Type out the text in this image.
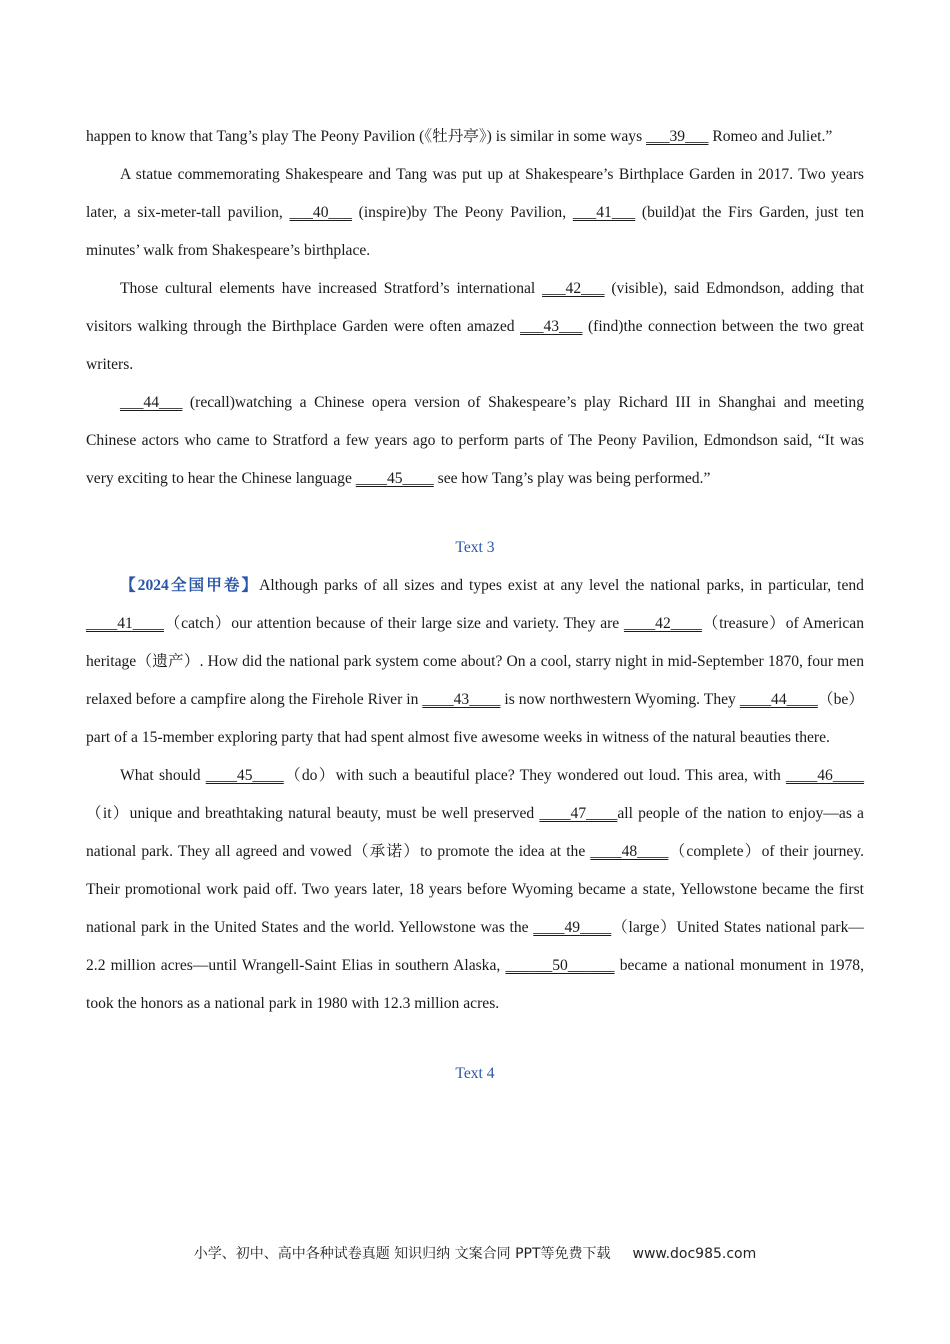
happen to know that Tang’s play The Peony Pavilion (《牡丹亭》) is similar in some ways ___39___ Romeo and Juliet.”

A statue commemorating Shakespeare and Tang was put up at Shakespeare’s Birthplace Garden in 2017. Two years later, a six-meter-tall pavilion, ___40___ (inspire)by The Peony Pavilion, ___41___ (build)at the Firs Garden, just ten minutes’ walk from Shakespeare’s birthplace.

Those cultural elements have increased Stratford’s international ___42___ (visible), said Edmondson, adding that visitors walking through the Birthplace Garden were often amazed ___43___ (find)the connection between the two great writers.

___44___ (recall)watching a Chinese opera version of Shakespeare’s play Richard III in Shanghai and meeting Chinese actors who came to Stratford a few years ago to perform parts of The Peony Pavilion, Edmondson said, “It was very exciting to hear the Chinese language ____45____ see how Tang’s play was being performed.”

Text 3

【2024全国甲卷】Although parks of all sizes and types exist at any level the national parks, in particular, tend ____41____（catch）our attention because of their large size and variety. They are ____42____（treasure）of American heritage（遗产）. How did the national park system come about? On a cool, starry night in mid-September 1870, four men relaxed before a campfire along the Firehole River in ____43____ is now northwestern Wyoming. They ____44____（be）part of a 15-member exploring party that had spent almost five awesome weeks in witness of the natural beauties there.

What should ____45____（do）with such a beautiful place? They wondered out loud. This area, with ____46____（it）unique and breathtaking natural beauty, must be well preserved ____47____all people of the nation to enjoy—as a national park. They all agreed and vowed（承诺）to promote the idea at the ____48____（complete）of their journey. Their promotional work paid off. Two years later, 18 years before Wyoming became a state, Yellowstone became the first national park in the United States and the world. Yellowstone was the ____49____（large）United States national park—2.2 million acres—until Wrangell-Saint Elias in southern Alaska, ______50______ became a national monument in 1978, took the honors as a national park in 1980 with 12.3 million acres.

Text 4

小学、初中、高中各种试卷真题 知识归纳 文案合同 PPT等免费下载 www.doc985.com
